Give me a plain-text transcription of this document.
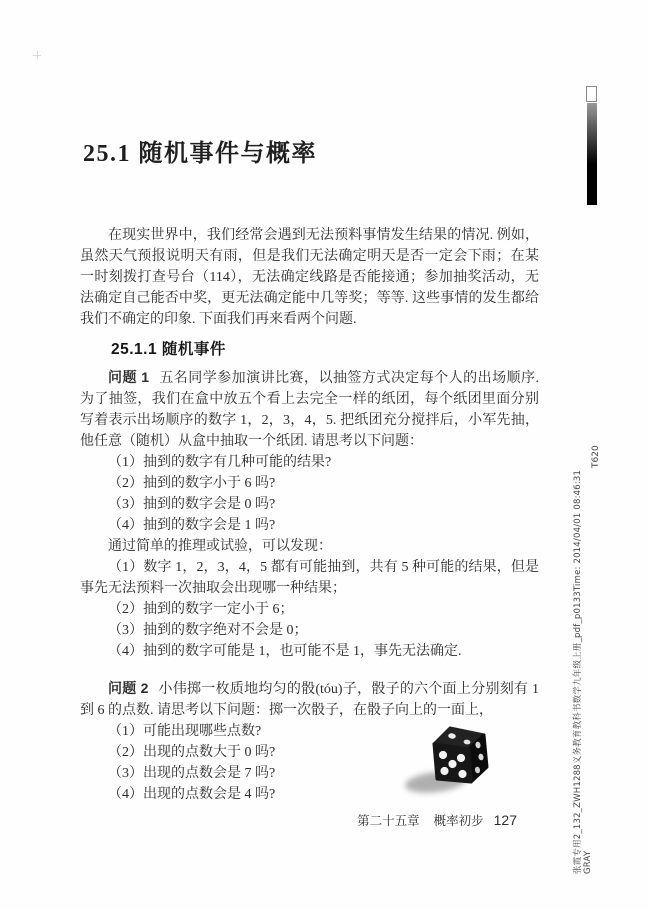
25.1 随机事件与概率

在现实世界中，我们经常会遇到无法预料事情发生结果的情况. 例如，虽然天气预报说明天有雨，但是我们无法确定明天是否一定会下雨；在某一时刻拨打查号台（114），无法确定线路是否能接通；参加抽奖活动，无法确定自己能否中奖，更无法确定能中几等奖；等等. 这些事情的发生都给我们不确定的印象. 下面我们再来看两个问题.

25.1.1 随机事件

问题 1 五名同学参加演讲比赛，以抽签方式决定每个人的出场顺序. 为了抽签，我们在盒中放五个看上去完全一样的纸团，每个纸团里面分别写着表示出场顺序的数字 1，2，3，4，5. 把纸团充分搅拌后，小军先抽，他任意（随机）从盒中抽取一个纸团. 请思考以下问题：

（1）抽到的数字有几种可能的结果?

（2）抽到的数字小于 6 吗?

（3）抽到的数字会是 0 吗?

（4）抽到的数字会是 1 吗?

通过简单的推理或试验，可以发现：

（1）数字 1，2，3，4，5 都有可能抽到，共有 5 种可能的结果，但是事先无法预料一次抽取会出现哪一种结果；

（2）抽到的数字一定小于 6；

（3）抽到的数字绝对不会是 0；

（4）抽到的数字可能是 1，也可能不是 1，事先无法确定.

问题 2 小伟掷一枚质地均匀的骰(tóu)子，骰子的六个面上分别刻有 1 到 6 的点数. 请思考以下问题：掷一次骰子，在骰子向上的一面上，

（1）可能出现哪些点数?

（2）出现的点数大于 0 吗?

（3）出现的点数会是 7 吗?

（4）出现的点数会是 4 吗?

第二十五章 概率初步 127
T620
张霞专用2_132_ZWH1288义务教育教科书数学九年级上册_pdf_p0133Time: 2014/04/01 08:46:31 GRAY
